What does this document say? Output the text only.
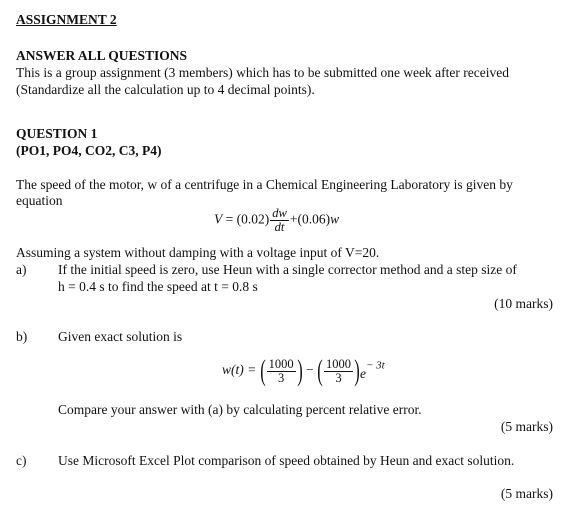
ASSIGNMENT 2
ANSWER ALL QUESTIONS
This is a group assignment (3 members) which has to be submitted one week after received
(Standardize all the calculation up to 4 decimal points).
QUESTION 1
(PO1, PO4, CO2, C3, P4)
The speed of the motor, w of a centrifuge in a Chemical Engineering Laboratory is given by
equation
$V = (0.02) \frac{dw}{dt} +(0.06)w$
Assuming a system without damping with a voltage input of V=20.
a) If the initial speed is zero, use Heun with a single corrector method and a step size of
h = 0.4 s to find the speed at t = 0.8 s
(10 marks)
b) Given exact solution is
w(t) = ( $\frac{1000}{3}$ ) − ( $\frac{1000}{3} )e^{- 3t}$
Compare your answer with (a) by calculating percent relative error.
(5 marks)
c) Use Microsoft Excel Plot comparison of speed obtained by Heun and exact solution.
(5 marks)
